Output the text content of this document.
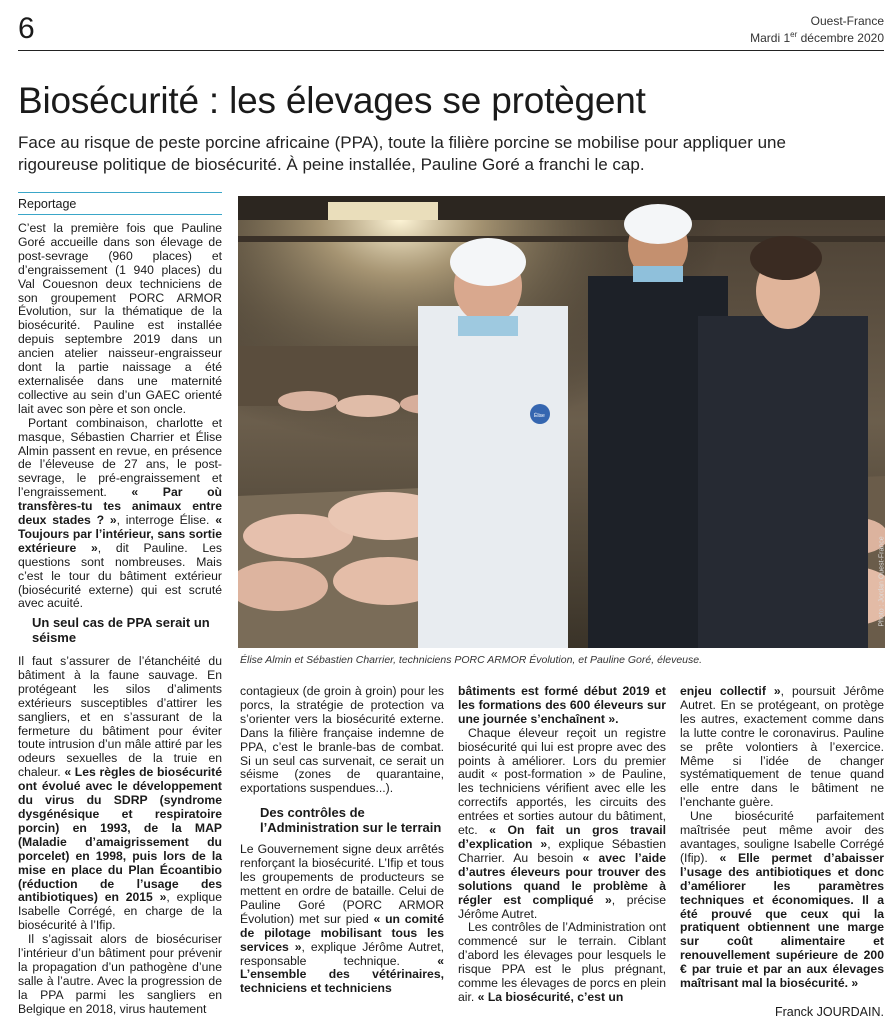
6	Ouest-France
Mardi 1er décembre 2020
Biosécurité : les élevages se protègent

Face au risque de peste porcine africaine (PPA), toute la filière porcine se mobilise pour appliquer une rigoureuse politique de biosécurité. À peine installée, Pauline Goré a franchi le cap.

Reportage

C’est la première fois que Pauline Goré accueille dans son élevage de post-sevrage (960 places) et d’engraissement (1 940 places) du Val Couesnon deux techniciens de son groupement PORC ARMOR Évolution, sur la thématique de la biosécurité. Pauline est installée depuis septembre 2019 dans un ancien atelier naisseur-engraisseur dont la partie naissage a été externalisée dans une maternité collective au sein d’un GAEC orienté lait avec son père et son oncle.

Portant combinaison, charlotte et masque, Sébastien Charrier et Élise Almin passent en revue, en présence de l’éleveuse de 27 ans, le post-sevrage, le pré-engraissement et l’engraissement. « Par où transfères-tu tes animaux entre deux stades ? », interroge Élise. « Toujours par l’intérieur, sans sortie extérieure », dit Pauline. Les questions sont nombreuses. Mais c’est le tour du bâtiment extérieur (biosécurité externe) qui est scruté avec acuité.

Un seul cas de PPA serait un séisme
Élise
Photo : Jordan Ouest-France
Élise Almin et Sébastien Charrier, techniciens PORC ARMOR Évolution, et Pauline Goré, éleveuse.

Il faut s’assurer de l’étanchéité du bâtiment à la faune sauvage. En protégeant les silos d’aliments extérieurs susceptibles d’attirer les sangliers, et en s’assurant de la fermeture du bâtiment pour éviter toute intrusion d’un mâle attiré par les odeurs sexuelles de la truie en chaleur. « Les règles de biosécurité ont évolué avec le développement du virus du SDRP (syndrome dysgénésique et respiratoire porcin) en 1993, de la MAP (Maladie d’amaigrissement du porcelet) en 1998, puis lors de la mise en place du Plan Écoantibio (réduction de l’usage des antibiotiques) en 2015 », explique Isabelle Corrégé, en charge de la biosécurité à l’Ifip.

Il s’agissait alors de biosécuriser l’intérieur d’un bâtiment pour prévenir la propagation d’un pathogène d’une salle à l’autre. Avec la progression de la PPA parmi les sangliers en Belgique en 2018, virus hautement

contagieux (de groin à groin) pour les porcs, la stratégie de protection va s’orienter vers la biosécurité externe. Dans la filière française indemne de PPA, c’est le branle-bas de combat. Si un seul cas survenait, ce serait un séisme (zones de quarantaine, exportations suspendues...).

Des contrôles de l’Administration sur le terrain

Le Gouvernement signe deux arrêtés renforçant la biosécurité. L’Ifip et tous les groupements de producteurs se mettent en ordre de bataille. Celui de Pauline Goré (PORC ARMOR Évolution) met sur pied « un comité de pilotage mobilisant tous les services », explique Jérôme Autret, responsable technique. « L’ensemble des vétérinaires, techniciens et techniciens

bâtiments est formé début 2019 et les formations des 600 éleveurs sur une journée s’enchaînent ».

Chaque éleveur reçoit un registre biosécurité qui lui est propre avec des points à améliorer. Lors du premier audit « post-formation » de Pauline, les techniciens vérifient avec elle les correctifs apportés, les circuits des entrées et sorties autour du bâtiment, etc. « On fait un gros travail d’explication », explique Sébastien Charrier. Au besoin « avec l’aide d’autres éleveurs pour trouver des solutions quand le problème à régler est compliqué », précise Jérôme Autret.

Les contrôles de l’Administration ont commencé sur le terrain. Ciblant d’abord les élevages pour lesquels le risque PPA est le plus prégnant, comme les élevages de porcs en plein air. « La biosécurité, c’est un

enjeu collectif », poursuit Jérôme Autret. En se protégeant, on protège les autres, exactement comme dans la lutte contre le coronavirus. Pauline se prête volontiers à l’exercice. Même si l’idée de changer systématiquement de tenue quand elle entre dans le bâtiment ne l’enchante guère.

Une biosécurité parfaitement maîtrisée peut même avoir des avantages, souligne Isabelle Corrégé (Ifip). « Elle permet d’abaisser l’usage des antibiotiques et donc d’améliorer les paramètres techniques et économiques. Il a été prouvé que ceux qui la pratiquent obtiennent une marge sur coût alimentaire et renouvellement supérieure de 200 € par truie et par an aux élevages maîtrisant mal la biosécurité. »

Franck JOURDAIN.
